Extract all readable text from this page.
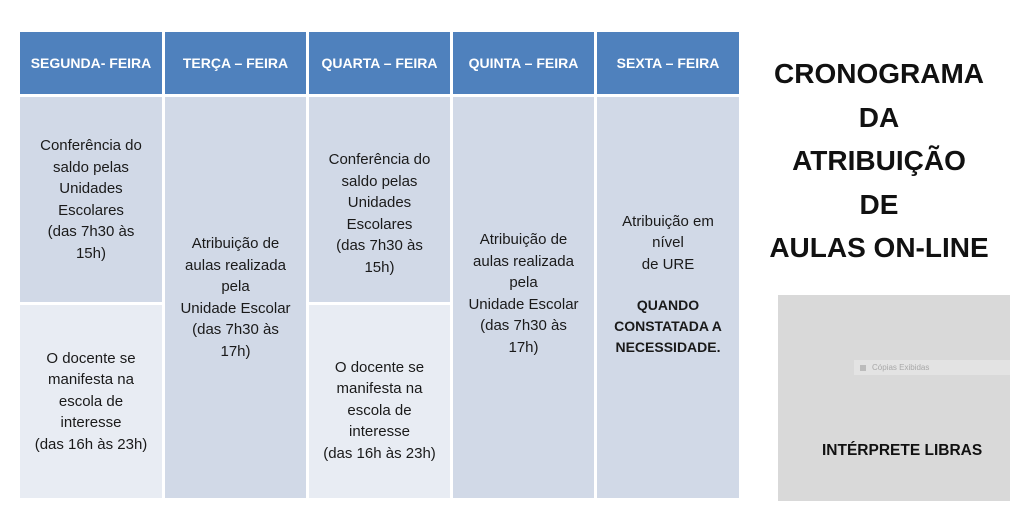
SEGUNDA- FEIRA TERÇA – FEIRA QUARTA – FEIRA QUINTA – FEIRA	SEXTA – FEIRA
Conferência do
saldo pelas
Unidades
Escolares
(das 7h30 às
15h)
O docente se
manifesta na
escola de
interesse
(das 16h às 23h)
Atribuição de
aulas realizada
pela
Unidade Escolar
(das 7h30 às
17h)
Conferência do
saldo pelas
Unidades
Escolares
(das 7h30 às
15h)
O docente se
manifesta na
escola de
interesse
(das 16h às 23h)
Atribuição de
aulas realizada
pela
Unidade Escolar
(das 7h30 às
17h)
Atribuição em
nível
de URE
QUANDO
CONSTATADA A
NECESSIDADE.
CRONOGRAMA
DA
ATRIBUIÇÃO
DE
AULAS ON-LINE
Cópias Exibidas
INTÉRPRETE LIBRAS
